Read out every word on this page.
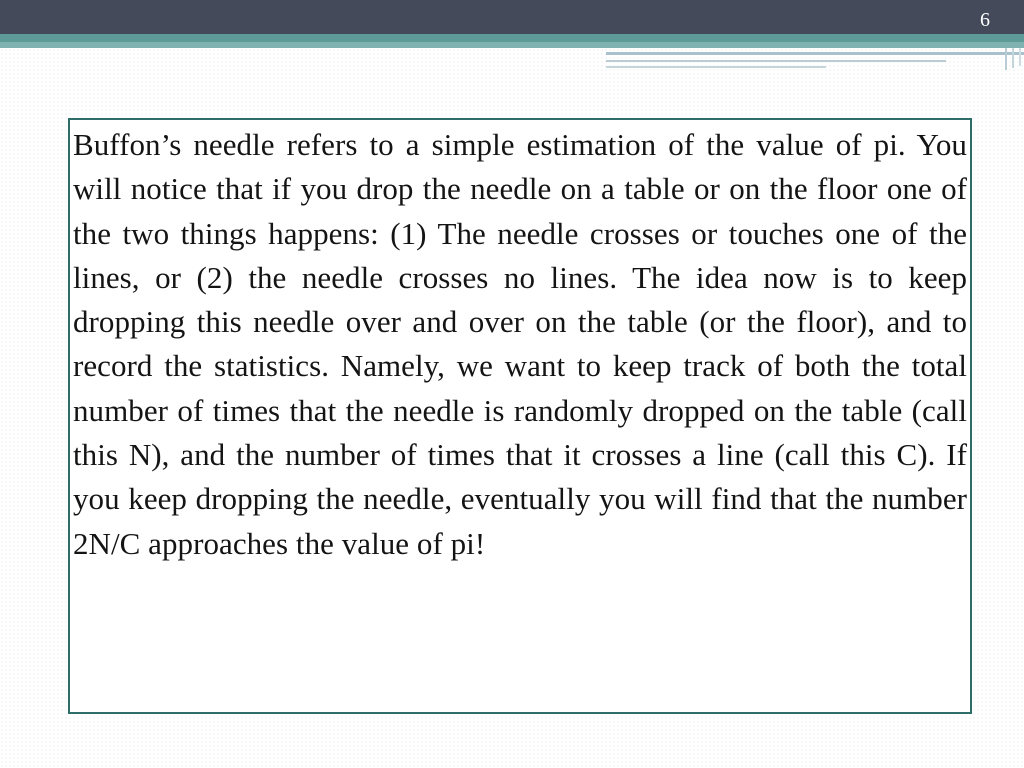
6

Buffon’s needle refers to a simple estimation of the value of pi. You will notice that if you drop the needle on a table or on the floor one of the two things happens: (1) The needle crosses or touches one of the lines, or (2) the needle crosses no lines. The idea now is to keep dropping this needle over and over on the table (or the floor), and to record the statistics. Namely, we want to keep track of both the total number of times that the needle is randomly dropped on the table (call this N), and the number of times that it crosses a line (call this C). If you keep dropping the needle, eventually you will find that the number 2N/C approaches the value of pi!
